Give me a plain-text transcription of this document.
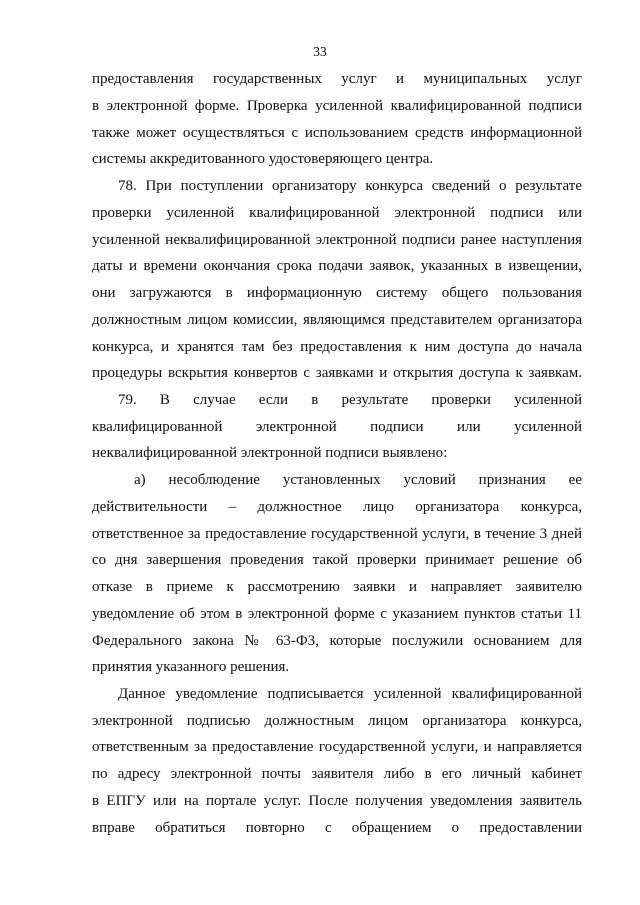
33
предоставления государственных услуг и муниципальных услуг
в электронной форме. Проверка усиленной квалифицированной подписи
также может осуществляться с использованием средств информационной
системы аккредитованного удостоверяющего центра.
78. При поступлении организатору конкурса сведений о результате
проверки усиленной квалифицированной электронной подписи или
усиленной неквалифицированной электронной подписи ранее наступления
даты и времени окончания срока подачи заявок, указанных в извещении,
они загружаются в информационную систему общего пользования
должностным лицом комиссии, являющимся представителем организатора
конкурса, и хранятся там без предоставления к ним доступа до начала
процедуры вскрытия конвертов с заявками и открытия доступа к заявкам.
79. В случае если в результате проверки усиленной
квалифицированной электронной подписи или усиленной
неквалифицированной электронной подписи выявлено:
а) несоблюдение установленных условий признания ее
действительности – должностное лицо организатора конкурса,
ответственное за предоставление государственной услуги, в течение 3 дней
со дня завершения проведения такой проверки принимает решение об
отказе в приеме к рассмотрению заявки и направляет заявителю
уведомление об этом в электронной форме с указанием пунктов статьи 11
Федерального закона № 63-ФЗ, которые послужили основанием для
принятия указанного решения.
Данное уведомление подписывается усиленной квалифицированной
электронной подписью должностным лицом организатора конкурса,
ответственным за предоставление государственной услуги, и направляется
по адресу электронной почты заявителя либо в его личный кабинет
в ЕПГУ или на портале услуг. После получения уведомления заявитель
вправе обратиться повторно с обращением о предоставлении
